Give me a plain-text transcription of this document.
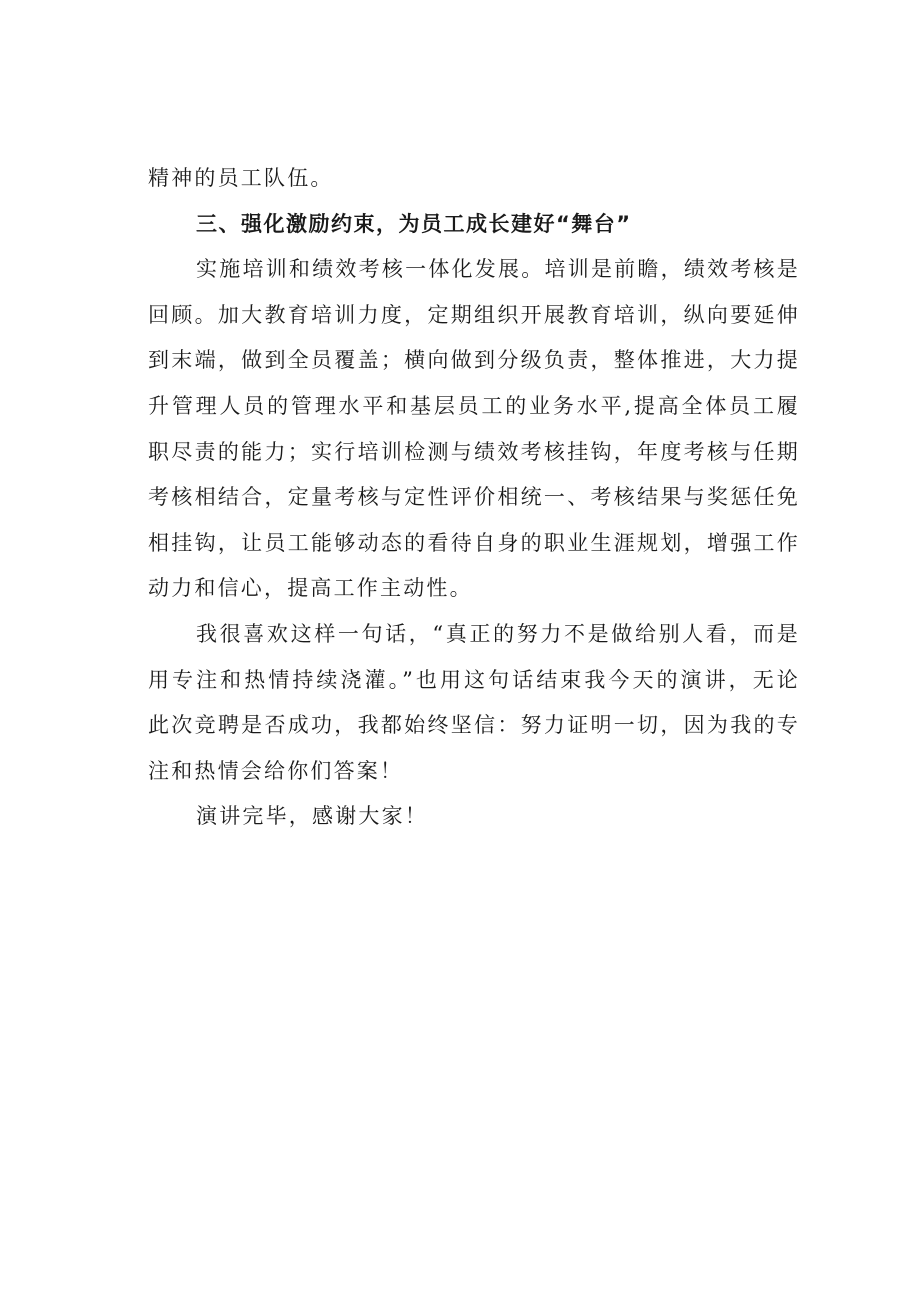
精神的员工队伍。

三、强化激励约束，为员工成长建好“舞台”

实施培训和绩效考核一体化发展。培训是前瞻，绩效考核是回顾。加大教育培训力度，定期组织开展教育培训，纵向要延伸到末端，做到全员覆盖；横向做到分级负责，整体推进，大力提升管理人员的管理水平和基层员工的业务水平,提高全体员工履职尽责的能力；实行培训检测与绩效考核挂钩，年度考核与任期考核相结合，定量考核与定性评价相统一、考核结果与奖惩任免相挂钩，让员工能够动态的看待自身的职业生涯规划，增强工作动力和信心，提高工作主动性。

我很喜欢这样一句话，“真正的努力不是做给别人看，而是用专注和热情持续浇灌。”也用这句话结束我今天的演讲，无论此次竞聘是否成功，我都始终坚信：努力证明一切，因为我的专注和热情会给你们答案！

演讲完毕，感谢大家！
